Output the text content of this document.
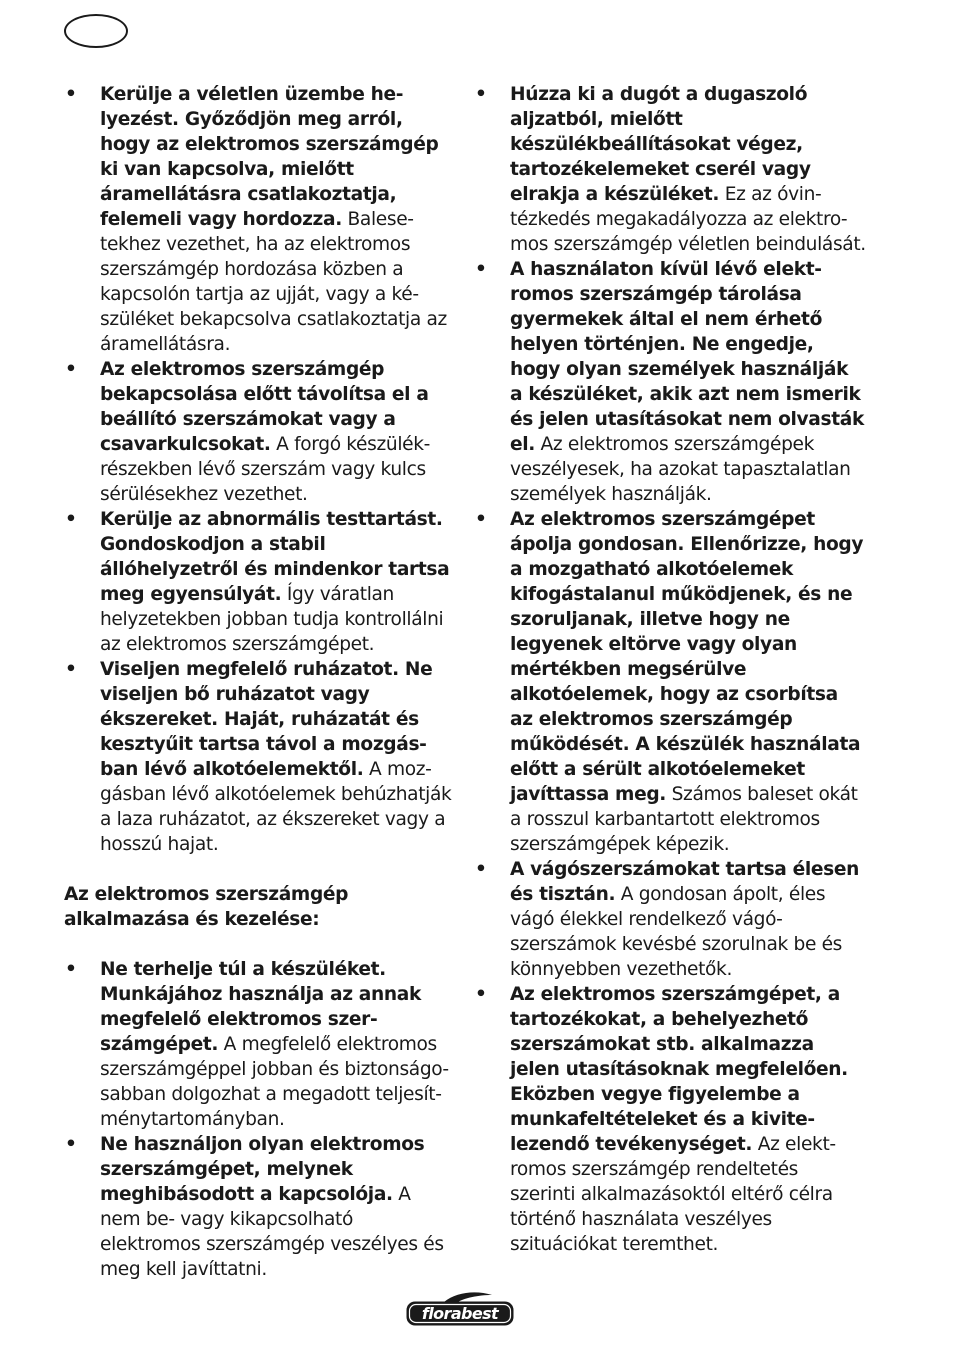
• Kerülje a véletlen üzembe helyezést. Győződjön meg arról, hogy az elektromos szerszámgép ki van kapcsolva, mielőtt áramellátásra csatlakoztatja, felemeli vagy hordozza. Balesetekhez vezethet, ha az elektromos szerszámgép hordozása közben a kapcsolón tartja az ujját, vagy a készüléket bekapcsolva csatlakoztatja az áramellátásra.
• Az elektromos szerszámgép bekapcsolása előtt távolítsa el a beállító szerszámokat vagy a csavarkulcsokat. A forgó készülékrészekben lévő szerszám vagy kulcs sérülésekhez vezethet.
• Kerülje az abnormális testtartást. Gondoskodjon a stabil állóhelyzetről és mindenkor tartsa meg egyensúlyát. Így váratlan helyzetekben jobban tudja kontrollálni az elektromos szerszámgépet.
• Viseljen megfelelő ruházatot. Ne viseljen bő ruházatot vagy ékszereket. Haját, ruházatát és kesztyűit tartsa távol a mozgásban lévő alkotóelemektől. A mozgásban lévő alkotóelemek behúzhatják a laza ruházatot, az ékszereket vagy a hosszú hajat.
Az elektromos szerszámgép alkalmazása és kezelése:
• Ne terhelje túl a készüléket. Munkájához használja az annak megfelelő elektromos szerszámgépet. A megfelelő elektromos szerszámgéppel jobban és biztonságosabban dolgozhat a megadott teljesítménytartományban.
• Ne használjon olyan elektromos szerszámgépet, melynek meghibásodott a kapcsolója. A nem be- vagy kikapcsolható elektromos szerszámgép veszélyes és meg kell javíttatni.
• Húzza ki a dugót a dugaszoló aljzatból, mielőtt készülékbeállításokat végez, tartozékelemeket cserél vagy elrakja a készüléket. Ez az óvintézkedés megakadályozza az elektromos szerszámgép véletlen beindulását.
• A használaton kívül lévő elektromos szerszámgép tárolása gyermekek által el nem érhető helyen történjen. Ne engedje, hogy olyan személyek használják a készüléket, akik azt nem ismerik és jelen utasításokat nem olvasták el. Az elektromos szerszámgépek veszélyesek, ha azokat tapasztalatlan személyek használják.
• Az elektromos szerszámgépet ápolja gondosan. Ellenőrizze, hogy a mozgatható alkotóelemek kifogástalanul működjenek, és ne szoruljanak, illetve hogy ne legyenek eltörve vagy olyan mértékben megsérülve alkotóelemek, hogy az csorbítsa az elektromos szerszámgép működését. A készülék használata előtt a sérült alkotóelemeket javíttassa meg. Számos baleset okát a rosszul karbantartott elektromos szerszámgépek képezik.
• A vágószerszámokat tartsa élesen és tisztán. A gondosan ápolt, éles vágó élekkel rendelkező vágószerszámok kevésbé szorulnak be és könnyebben vezethetők.
• Az elektromos szerszámgépet, a tartozékokat, a behelyezhető szerszámokat stb. alkalmazza jelen utasításoknak megfelelően. Eközben vegye figyelembe a munkafeltételeket és a kivitelezendő tevékenységet. Az elektromos szerszámgép rendeltetés szerinti alkalmazásoktól eltérő célra történő használata veszélyes szituációkat teremthet.
florabest
